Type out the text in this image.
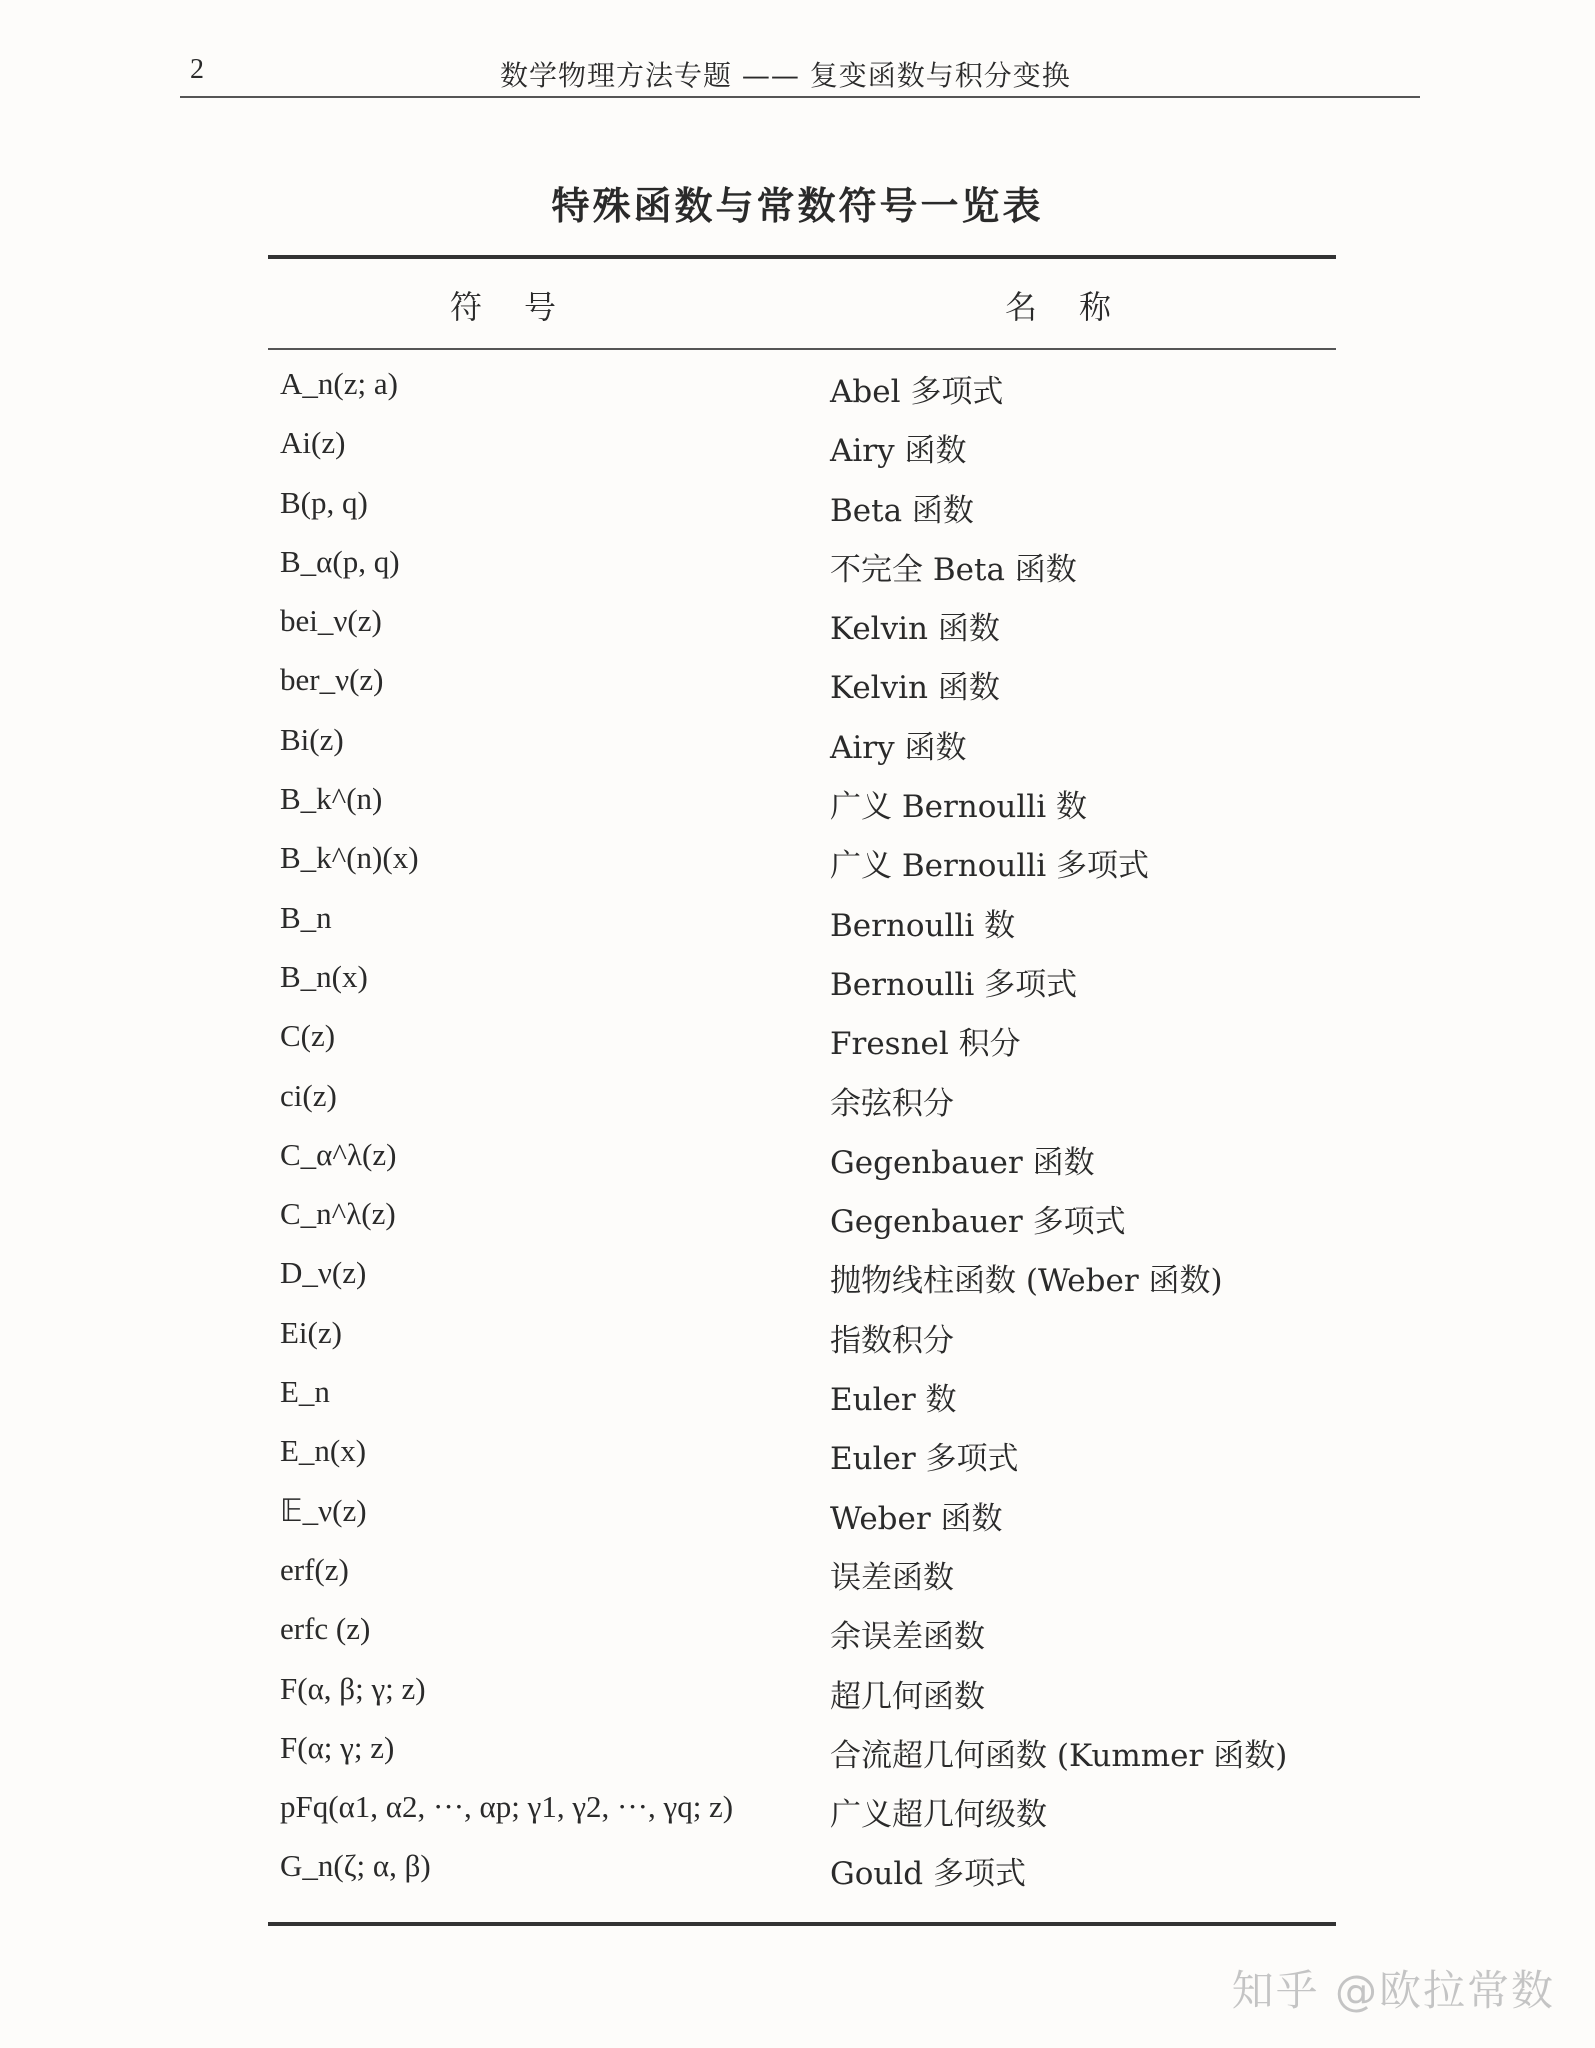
2	数学物理方法专题 —— 复变函数与积分变换
特殊函数与常数符号一览表
符号	名称
A_n(z; a)	Abel 多项式
Ai(z)	Airy 函数
B(p, q)	Beta 函数
B_α(p, q)	不完全 Beta 函数
bei_ν(z)	Kelvin 函数
ber_ν(z)	Kelvin 函数
Bi(z)	Airy 函数
B_k^(n)	广义 Bernoulli 数
B_k^(n)(x)	广义 Bernoulli 多项式
B_n	Bernoulli 数
B_n(x)	Bernoulli 多项式
C(z)	Fresnel 积分
ci(z)	余弦积分
C_α^λ(z)	Gegenbauer 函数
C_n^λ(z)	Gegenbauer 多项式
D_ν(z)	抛物线柱函数 (Weber 函数)
Ei(z)	指数积分
E_n	Euler 数
E_n(x)	Euler 多项式
𝔼_ν(z)	Weber 函数
erf(z)	误差函数
erfc (z)	余误差函数
F(α, β; γ; z)	超几何函数
F(α; γ; z)	合流超几何函数 (Kummer 函数)
pFq(α1, α2, ···, αp; γ1, γ2, ···, γq; z)	广义超几何级数
G_n(ζ; α, β)	Gould 多项式
知乎 @欧拉常数
